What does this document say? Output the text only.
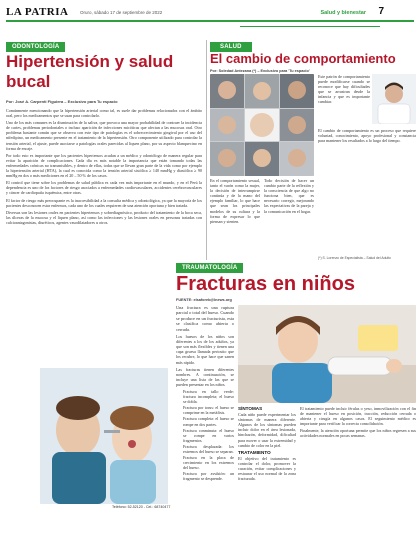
LA PATRIA	Oruro, sábado 17 de septiembre de 2022	Salud y bienestar 7
ODONTOLOGÍA
Hipertensión y salud bucal
Por: José A. Carpenti Figuiera – Exclusivo para Tu espacio

Comúnmente mencionando que la hipertensión arterial como tal, es suele dar problemas relacionados con el ámbito oral, pero los medicamentos que se usan para controlarlo.

Uno de los más comunes es la disminución de la saliva, que provoca una mayor probabilidad de contraer la incidencia de caries, problemas periodontales o incluso aparición de infecciones micóticas que afectan a las mucosas oral. Otro problema bastante común que se observa con este tipo de patologías es el sobrecrecimiento gingival por el uso del nifedipino, un medicamento presente en el tratamiento de la hipertensión. Otro componente utilizado para controlar la tensión arterial, el ajuste, puede asociarse a patologías orales parecidas al liquen plano, por su aspecto blanquecino en forma de encaje.

Por todo esto es importante que los pacientes hipertensos acudan a un médico y odontólogo de manera regular para evitar la aparición de complicaciones. Cada día es más notable la importancia que están tomando todas las enfermedades crónicas no transmisibles, y dentro de ellas, todas que se llevan gran parte de la vida como por ejemplo la hipertensión arterial (HTA), la cual es conocida como la tensión arterial sistólica ≥ 140 mmHg y diastólica ≥ 90 mmHg en dos o más mediciones en el 20 – 50 % de los casos.

El control que tiene sobre los problemas de salud pública es cada vez más importante en el mundo, y en el Perú la dependencia es uno de los factores de riesgo asociados a enfermedades cardiovasculares, accidentes cerebrovasculares y cáncer de cardiopatía isquémica, entre otras.

El factor de riesgo más preocupante es la inaccesibilidad a la consulta médica y odontológica, ya que la mayoría de los pacientes desconocen estar enfermos, cada uno de los cuales requieren de una atención oportuna y bien tratada.

Diversas son las lesiones orales en pacientes hipertensos y sobrediagnóstico, producto del tratamiento de la boca seca, las úlceras de la mucosa y el liquen plano, así como las infecciones y las lesiones orales en personas tratadas con calcioantagonistas, diuréticos, agentes vasodilatadores u otros.

Teléfono: 52-52120 - Cel.: 68740477
SALUD
El cambio de comportamiento
Por: Soledad Antezana (*) – Exclusivo para 'Tu espacio'

En el comportamiento sexual, tanto el varón como la mujer, la decisión de interrumpirse continúa y de la mano del ejemplo familiar, lo que hace que sean los principales modelos de su cultura y la forma de expresar lo que piensan y sienten.

Todo decisión de hacer un cambio parte de la reflexión y la consciencia de que algo no funciona bien, que es necesario corregir, mejorando las expectativas de la pareja y la comunicación en el hogar.

Este patrón de comportamiento puede modificarse cuando se reconoce que hay dificultades que se arrastran desde la infancia y que es importante cambiar.

El cambio de comportamiento es un proceso que requiere voluntad, conocimiento, apoyo profesional y constancia para mantener los resultados a lo largo del tiempo.

(*) S. Lorenzo de Especialista – Salud del Adulto
TRAUMATOLOGÍA
Fracturas en niños
FUENTE: elsaforeb@lnews.org

Una fractura es una ruptura parcial o total del hueso. Cuando se produce en un fracturista, esta se clasifica como abierta o cerrada.

Los huesos de los niños son diferentes a los de los adultos, ya que son más flexibles y tienen una capa gruesa llamada periostio que los recubre, lo que hace que sanen más rápido.

Las fracturas tienen diferentes nombres. A continuación, se incluye una lista de las que se pueden presentar en los niños.

• Fractura en tallo verde: fractura incompleta; el hueso se dobla.
• Fractura por torus: el hueso se comprime en la metáfisis.
• Fractura completa: el hueso se rompe en dos partes.
• Fractura conminuta: el hueso se rompe en varios fragmentos.
• Fractura desplazada: los extremos del hueso se separan.
• Fractura en la placa de crecimiento en los extremos del hueso.
• Fractura por avulsión: un fragmento se desprende.
SÍNTOMAS

Cada niño puede experimentar los síntomas de manera diferente. Algunos de los síntomas pueden incluir dolor en el área lesionada, hinchazón, deformidad, dificultad para mover o usar la extremidad y cambio de color en la piel.

TRATAMIENTO

El objetivo del tratamiento es controlar el dolor, promover la curación, evitar complicaciones y restaurar el uso normal de la zona fracturada.

El tratamiento puede incluir férulas o yeso, inmovilización con el fin de mantener el hueso en posición, tracción, reducción cerrada o abierta y cirugía en algunos casos. El seguimiento médico es importante para verificar la correcta consolidación.

Finalmente, la atención oportuna permite que los niños regresen a sus actividades normales en pocas semanas.
